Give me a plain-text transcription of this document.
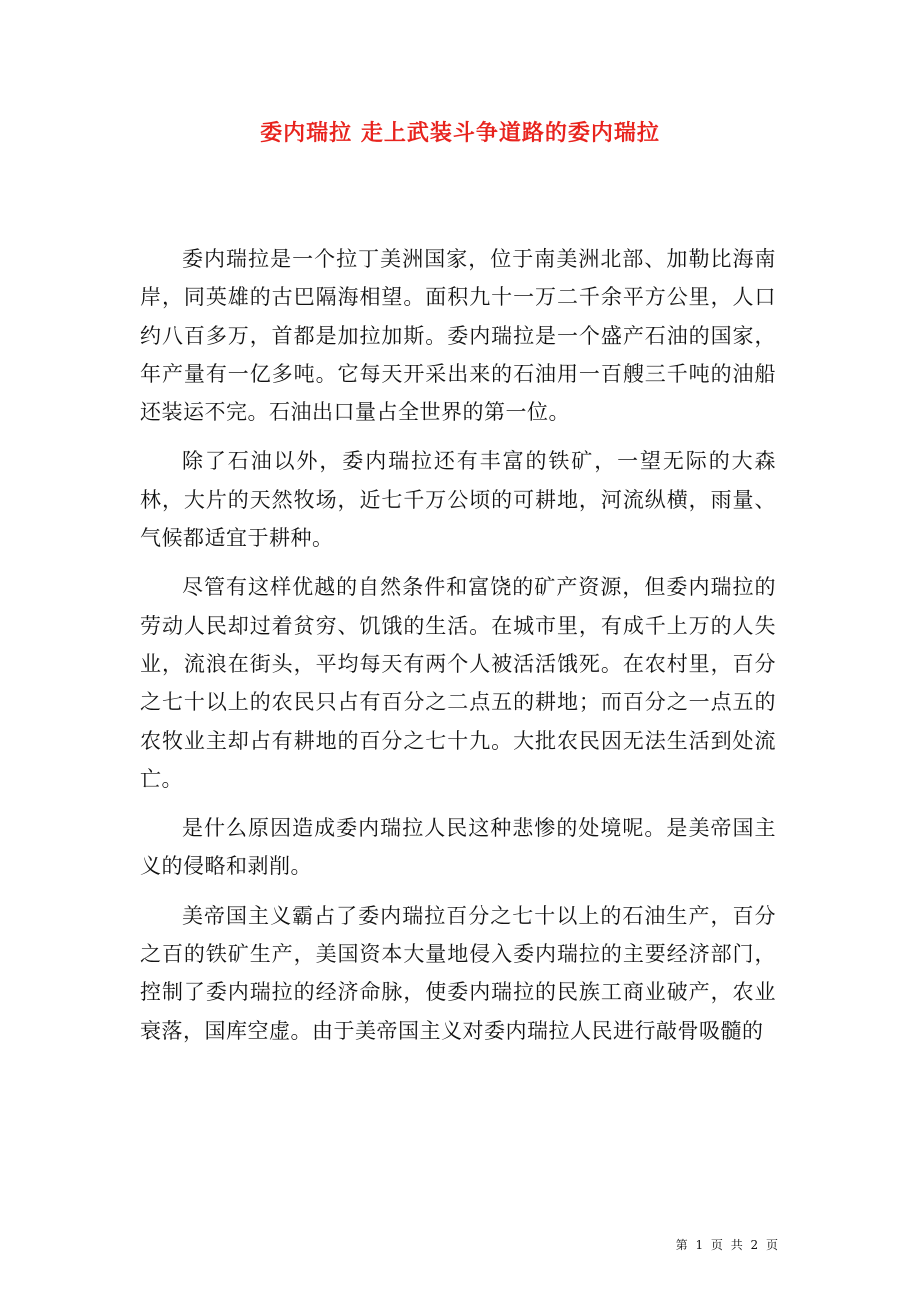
委内瑞拉 走上武装斗争道路的委内瑞拉

委内瑞拉是一个拉丁美洲国家，位于南美洲北部、加勒比海南岸，同英雄的古巴隔海相望。面积九十一万二千余平方公里，人口约八百多万，首都是加拉加斯。委内瑞拉是一个盛产石油的国家，年产量有一亿多吨。它每天开采出来的石油用一百艘三千吨的油船还装运不完。石油出口量占全世界的第一位。

除了石油以外，委内瑞拉还有丰富的铁矿，一望无际的大森林，大片的天然牧场，近七千万公顷的可耕地，河流纵横，雨量、气候都适宜于耕种。

尽管有这样优越的自然条件和富饶的矿产资源，但委内瑞拉的劳动人民却过着贫穷、饥饿的生活。在城市里，有成千上万的人失业，流浪在街头，平均每天有两个人被活活饿死。在农村里，百分之七十以上的农民只占有百分之二点五的耕地；而百分之一点五的农牧业主却占有耕地的百分之七十九。大批农民因无法生活到处流亡。

是什么原因造成委内瑞拉人民这种悲惨的处境呢。是美帝国主义的侵略和剥削。

美帝国主义霸占了委内瑞拉百分之七十以上的石油生产，百分之百的铁矿生产，美国资本大量地侵入委内瑞拉的主要经济部门，控制了委内瑞拉的经济命脉，使委内瑞拉的民族工商业破产，农业衰落，国库空虚。由于美帝国主义对委内瑞拉人民进行敲骨吸髓的

第 1 页 共 2 页
